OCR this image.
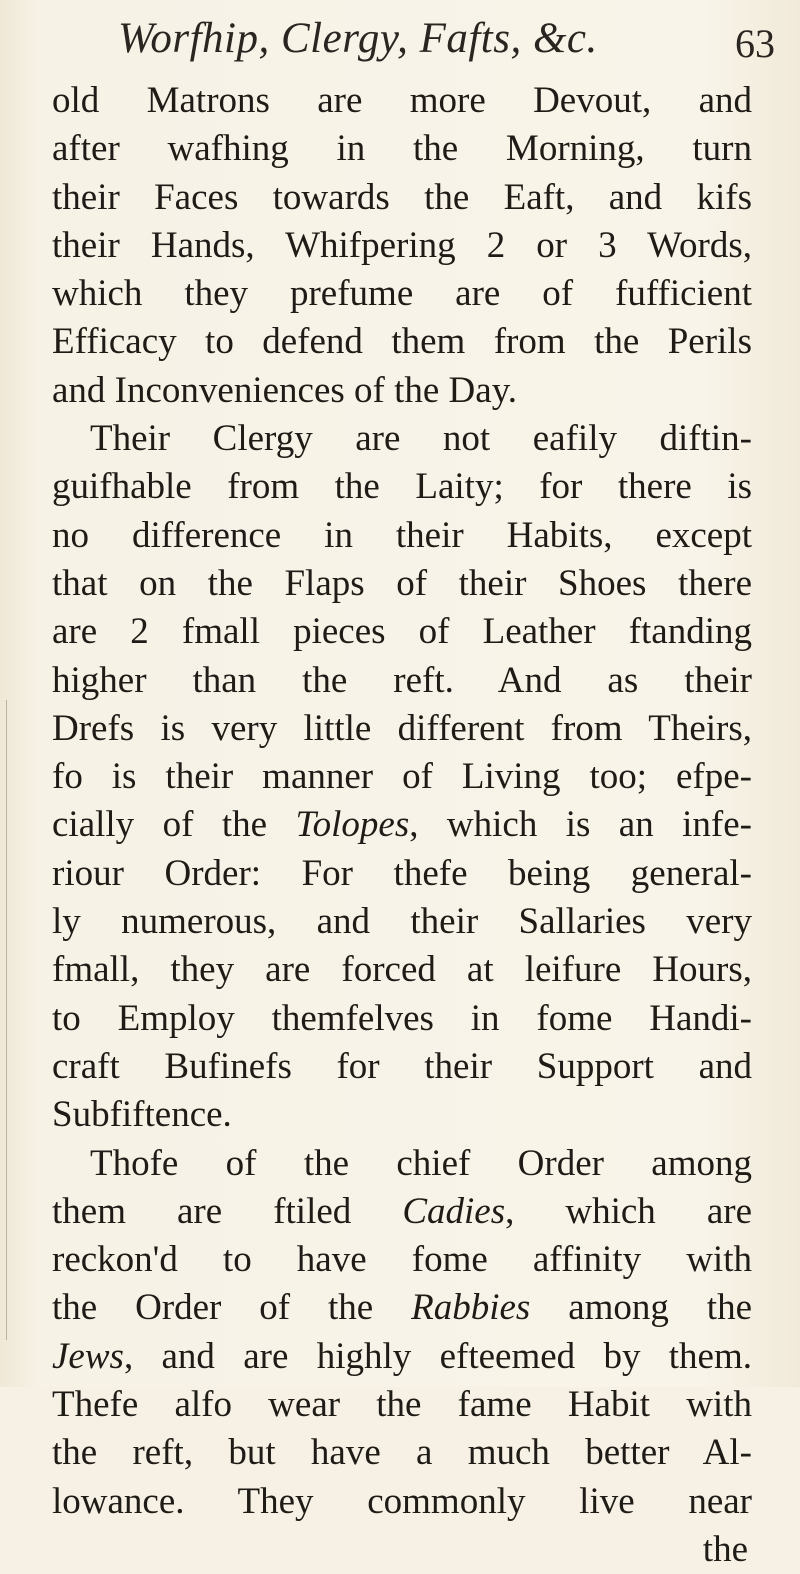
Worfhip, Clergy, Fafts, &c.	63
old Matrons are more Devout, and
after wafhing in the Morning, turn
their Faces towards the Eaft, and kifs
their Hands, Whifpering 2 or 3 Words,
which they prefume are of fufficient
Efficacy to defend them from the Perils
and Inconveniences of the Day.
Their Clergy are not eafily diftin-
guifhable from the Laity; for there is
no difference in their Habits, except
that on the Flaps of their Shoes there
are 2 fmall pieces of Leather ftanding
higher than the reft. And as their
Drefs is very little different from Theirs,
fo is their manner of Living too; efpe-
cially of the Tolopes, which is an infe-
riour Order: For thefe being general-
ly numerous, and their Sallaries very
fmall, they are forced at leifure Hours,
to Employ themfelves in fome Handi-
craft Bufinefs for their Support and
Subfiftence.
Thofe of the chief Order among
them are ftiled Cadies, which are
reckon'd to have fome affinity with
the Order of the Rabbies among the
Jews, and are highly efteemed by them.
Thefe alfo wear the fame Habit with
the reft, but have a much better Al-
lowance. They commonly live near
the
